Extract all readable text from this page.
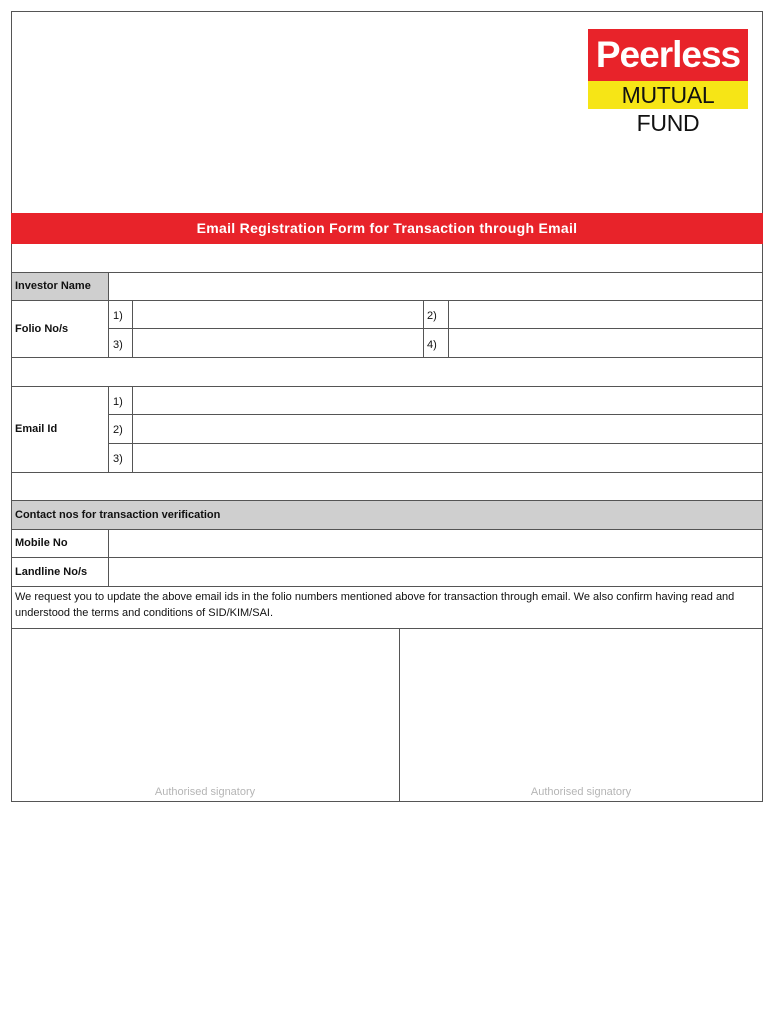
Peerless
MUTUAL FUND
Email Registration Form for Transaction through Email
Investor Name
Folio No/s
1)	2)
3)	4)
Email Id
1)
2)
3)
Contact nos for transaction verification
Mobile No
Landline No/s
We request you to update the above email ids in the folio numbers mentioned above for transaction through email. We also confirm having read and understood the terms and conditions of SID/KIM/SAI.
Authorised signatory	Authorised signatory
